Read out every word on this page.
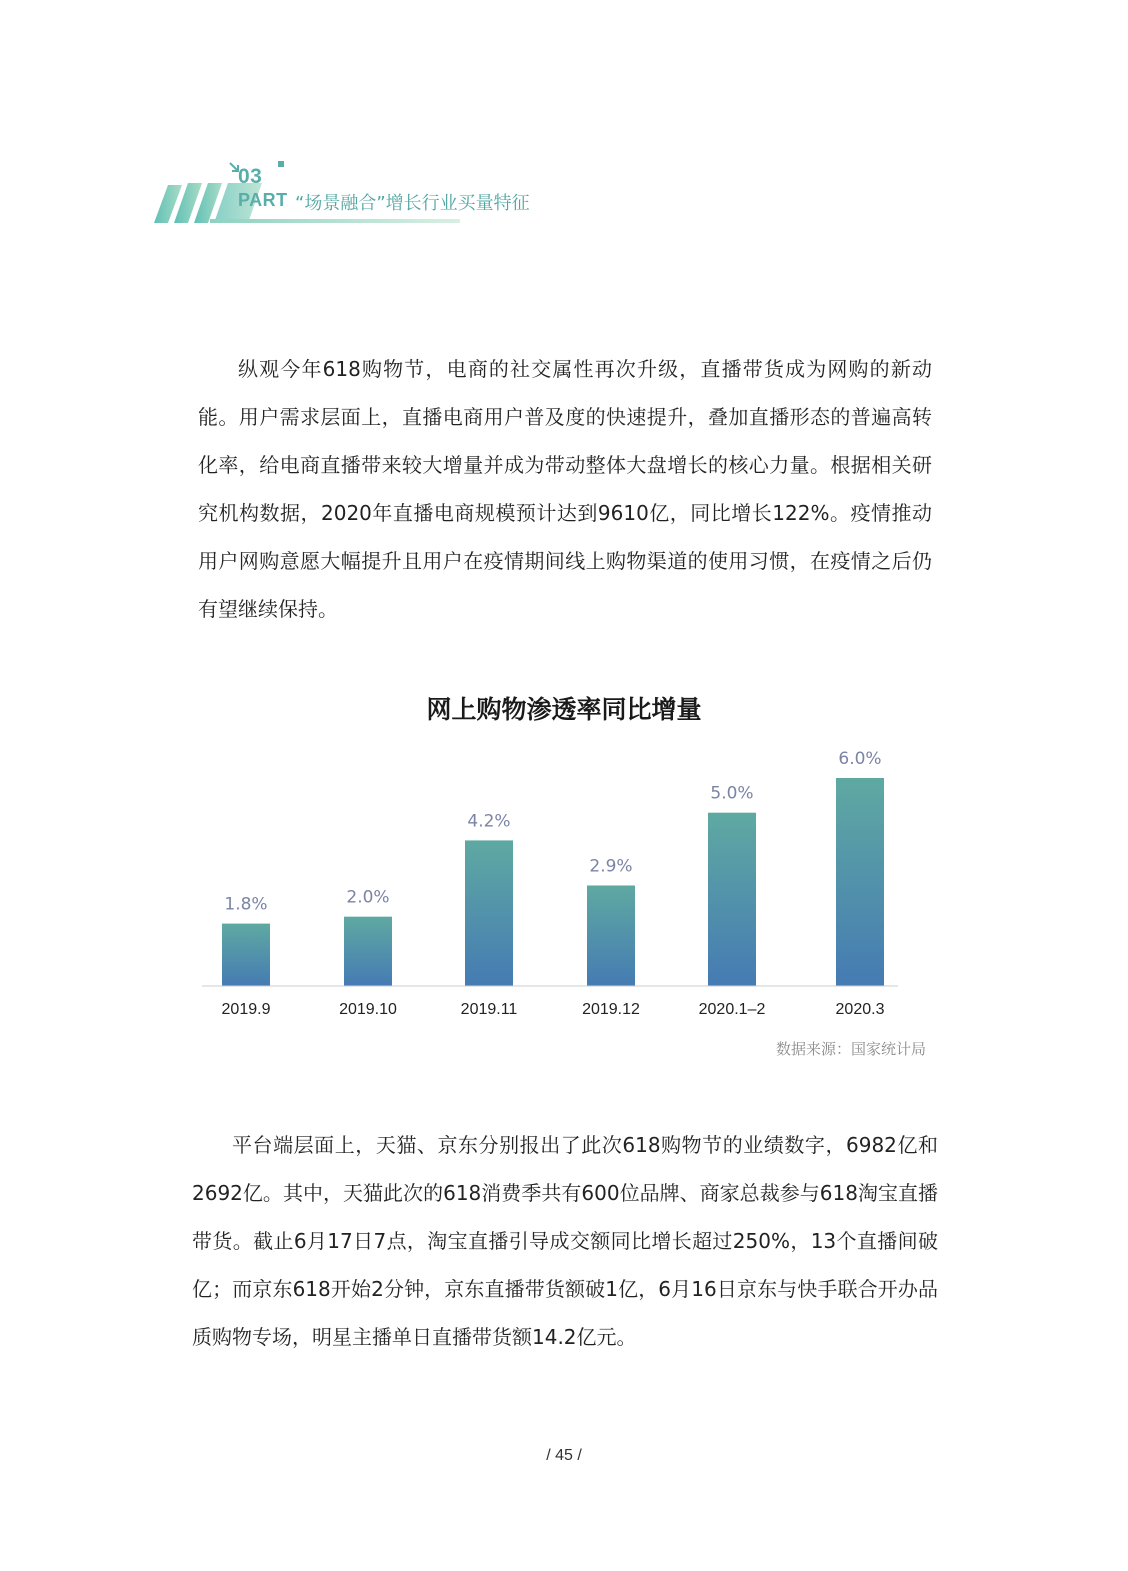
03
PART “场景融合”增长行业买量特征

纵观今年618购物节，电商的社交属性再次升级，直播带货成为网购的新动能。用户需求层面上，直播电商用户普及度的快速提升，叠加直播形态的普遍高转化率，给电商直播带来较大增量并成为带动整体大盘增长的核心力量。根据相关研究机构数据，2020年直播电商规模预计达到9610亿，同比增长122%。疫情推动用户网购意愿大幅提升且用户在疫情期间线上购物渠道的使用习惯，在疫情之后仍有望继续保持。

网上购物渗透率同比增量
2019.9	2019.10	2019.11	2019.12	2020.1–2	2020.3
1.8%	2.0%
4.2%
2.9%
5.0%
6.0%
数据来源：国家统计局

平台端层面上，天猫、京东分别报出了此次618购物节的业绩数字，6982亿和2692亿。其中，天猫此次的618消费季共有600位品牌、商家总裁参与618淘宝直播带货。截止6月17日7点，淘宝直播引导成交额同比增长超过250%，13个直播间破亿；而京东618开始2分钟，京东直播带货额破1亿，6月16日京东与快手联合开办品质购物专场，明星主播单日直播带货额14.2亿元。

/ 45 /
